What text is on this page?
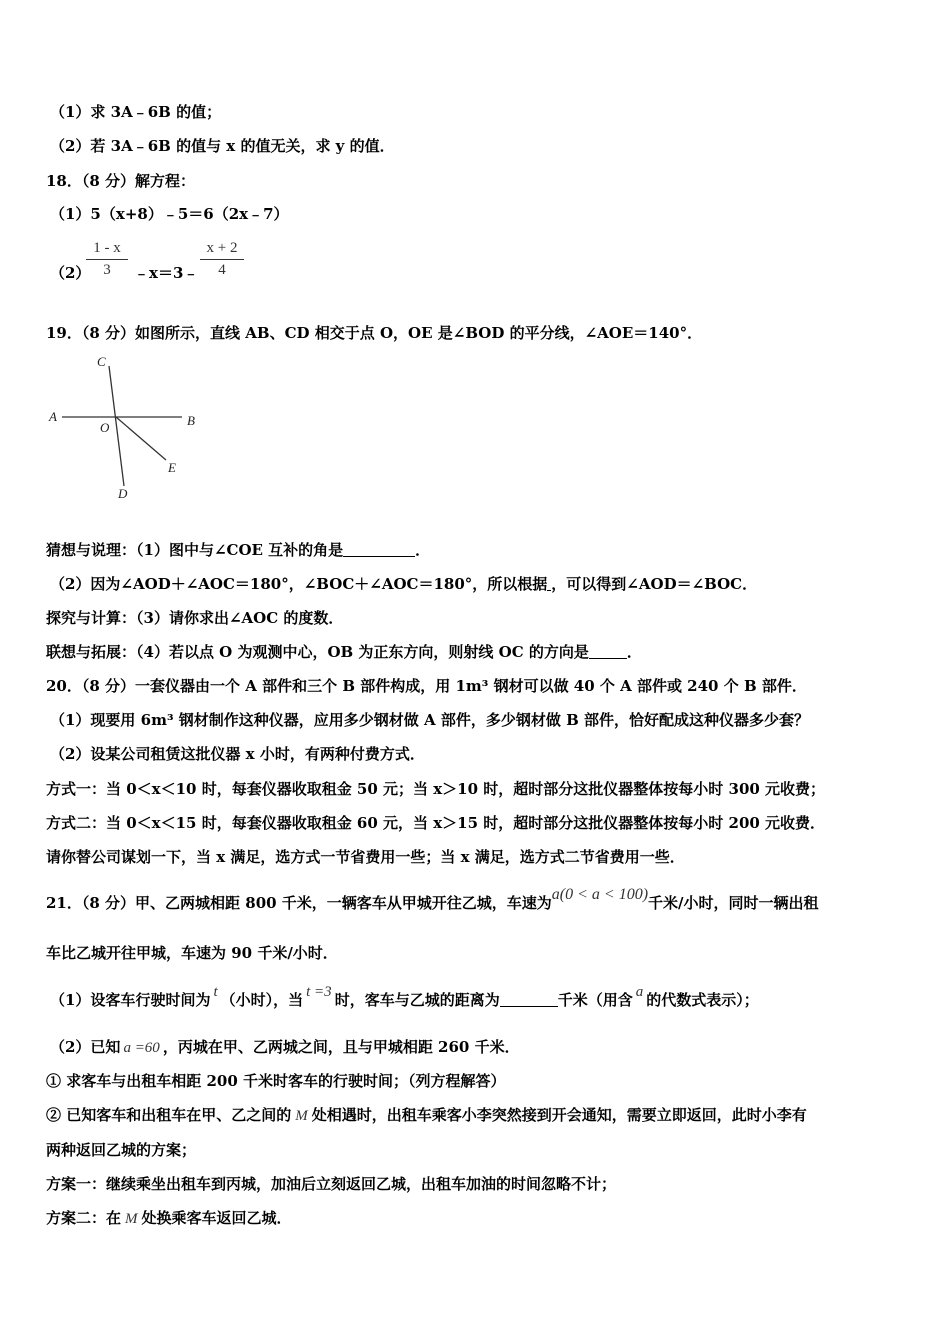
（1）求 3A﹣6B 的值；
（2）若 3A﹣6B 的值与 x 的值无关，求 y 的值．
18．（8 分）解方程：
（1）5（x+8）﹣5＝6（2x﹣7）
（2）
1 - x
3	﹣x＝3﹣
x + 2
4
19．（8 分）如图所示，直线 AB、CD 相交于点 O，OE 是∠BOD 的平分线，∠AOE＝140°．
A	B
C
D
E
O
猜想与说理：（1）图中与∠COE 互补的角是	．
（2）因为∠AOD＋∠AOC＝180°，∠BOC＋∠AOC＝180°，所以根据 ，可以得到∠AOD＝∠BOC．
探究与计算：（3）请你求出∠AOC 的度数．
联想与拓展：（4）若以点 O 为观测中心，OB 为正东方向，则射线 OC 的方向是	．
20．（8 分）一套仪器由一个 A 部件和三个 B 部件构成，用 1m³ 钢材可以做 40 个 A 部件或 240 个 B 部件．
（1）现要用 6m³ 钢材制作这种仪器，应用多少钢材做 A 部件，多少钢材做 B 部件，恰好配成这种仪器多少套？
（2）设某公司租赁这批仪器 x 小时，有两种付费方式．
方式一：当 0＜x＜10 时，每套仪器收取租金 50 元；当 x＞10 时，超时部分这批仪器整体按每小时 300 元收费；
方式二：当 0＜x＜15 时，每套仪器收取租金 60 元，当 x＞15 时，超时部分这批仪器整体按每小时 200 元收费．
请你替公司谋划一下，当 x 满足，选方式一节省费用一些；当 x 满足，选方式二节省费用一些．
21．（8 分）甲、乙两城相距 800 千米，一辆客车从甲城开往乙城，车速为a(0 < a < 100)千米/小时，同时一辆出租
车比乙城开往甲城，车速为 90 千米/小时．
（1）设客车行驶时间为 t （小时），当 t =3 时，客车与乙城的距离为	千米（用含 a 的代数式表示）；
（2）已知 a =60 ，丙城在甲、乙两城之间，且与甲城相距 260 千米．
① 求客车与出租车相距 200 千米时客车的行驶时间；（列方程解答）
② 已知客车和出租车在甲、乙之间的 M 处相遇时，出租车乘客小李突然接到开会通知，需要立即返回，此时小李有
两种返回乙城的方案；
方案一：继续乘坐出租车到丙城，加油后立刻返回乙城，出租车加油的时间忽略不计；
方案二：在 M 处换乘客车返回乙城．
